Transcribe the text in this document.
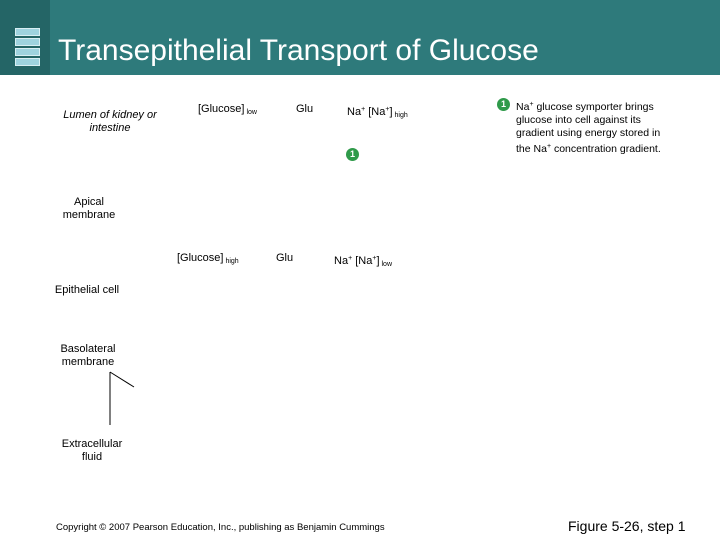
Transepithelial Transport of Glucose
Lumen of kidney or intestine
Apical membrane
Epithelial cell
Basolateral membrane
Extracellular fluid
[Glucose] $_{low}$	Glu	Na+ [Na+] $_{high}$
1
[Glucose] $_{high}$	Glu	Na+ [Na+] $_{low}$
1 Na+ glucose symporter brings glucose into cell against its gradient using energy stored in the Na+ concentration gradient.
Copyright © 2007 Pearson Education, Inc., publishing as Benjamin Cummings	Figure 5-26, step 1
